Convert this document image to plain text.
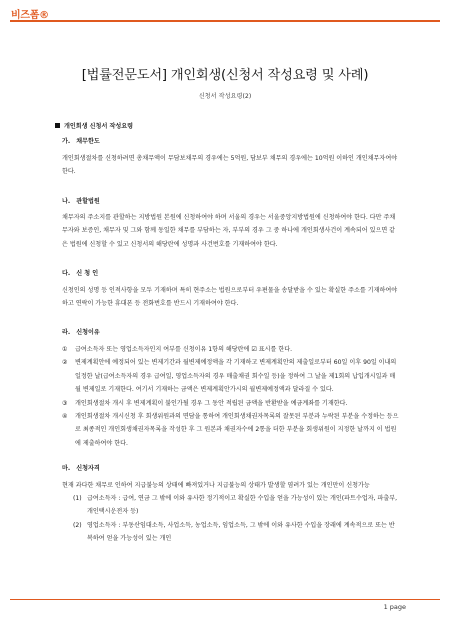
비즈폼®
[법률전문도서] 개인회생(신청서 작성요령 및 사례)
신청서 작성요령(2)
개인회생 신청서 작성요령
가. 채무한도
개인회생절차를 신청하려면 총채무액이 무담보채무의 경우에는 5억원, 담보부 채무의 경우에는 10억원 이하인 개인채무자여야 한다.
나. 관할법원
채무자의 주소지를 관할하는 지방법원 본원에 신청하여야 하며 서울의 경우는 서울중앙지방법원에 신청하여야 한다. 다만 주채무자와 보증인, 채무자 및 그와 함께 동일한 채무를 부담하는 자, 부부의 경우 그 중 하나에 개인회생사건이 계속되어 있으면 같은 법원에 신청할 수 있고 신청서의 해당란에 성명과 사건번호를 기재하여야 한다.
다. 신 청 인
신청인의 성명 등 인적사항을 모두 기재하며 특히 현주소는 법원으로부터 우편물을 송달받을 수 있는 확실한 주소를 기재하여야 하고 연락이 가능한 휴대폰 등 전화번호를 반드시 기재하여야 한다.
라. 신청이유
①	급여소득자 또는 영업소득자인지 여부를 신청이유 1항의 해당란에 ☑ 표시를 한다.
②	변제계획안에 예정되어 있는 변제기간과 월변제예정액을 각 기재하고 변제계획안의 제출일로부터 60일 이후 90일 이내의 일정한 날(급여소득자의 경우 급여일, 영업소득자의 경우 매출채권 회수일 등)을 정하여 그 날을 제1회의 납입개시일과 매월 변제일로 기재한다. 여기서 기재하는 금액은 변제계획안가시의 월변제예정액과 달라질 수 있다.
③	개인회생절차 개시 후 변제계획이 불인가될 경우 그 동안 적립된 금액을 반환받을 예금계좌를 기재한다.
④	개인회생절차 개시신청 후 회생위원과의 면담을 통하여 개인회생채권자목록의 잘못된 부분과 누락된 부분을 수정하는 등으로 최종적인 개인회생채권자목록을 작성한 후 그 원본과 채권자수에 2통을 더한 부분을 회생위원이 지정한 날까지 이 법원에 제출하여야 한다.
마. 신청자격
현재 과다한 채무로 인하여 지급불능의 상태에 빠져있거나 지급불능의 상태가 발생할 염려가 있는 개인만이 신청가능
(1) 급여소득자 : 급여, 연금 그 밖에 이와 유사한 정기적이고 확실한 수입을 얻을 가능성이 있는 개인(파트수업자, 파출부, 개인택시운전자 등)
(2) 영업소득자 : 부동산임대소득, 사업소득, 농업소득, 임업소득, 그 밖에 이와 유사한 수입을 장래에 계속적으로 또는 반복하여 얻을 가능성이 있는 개인
1 page
